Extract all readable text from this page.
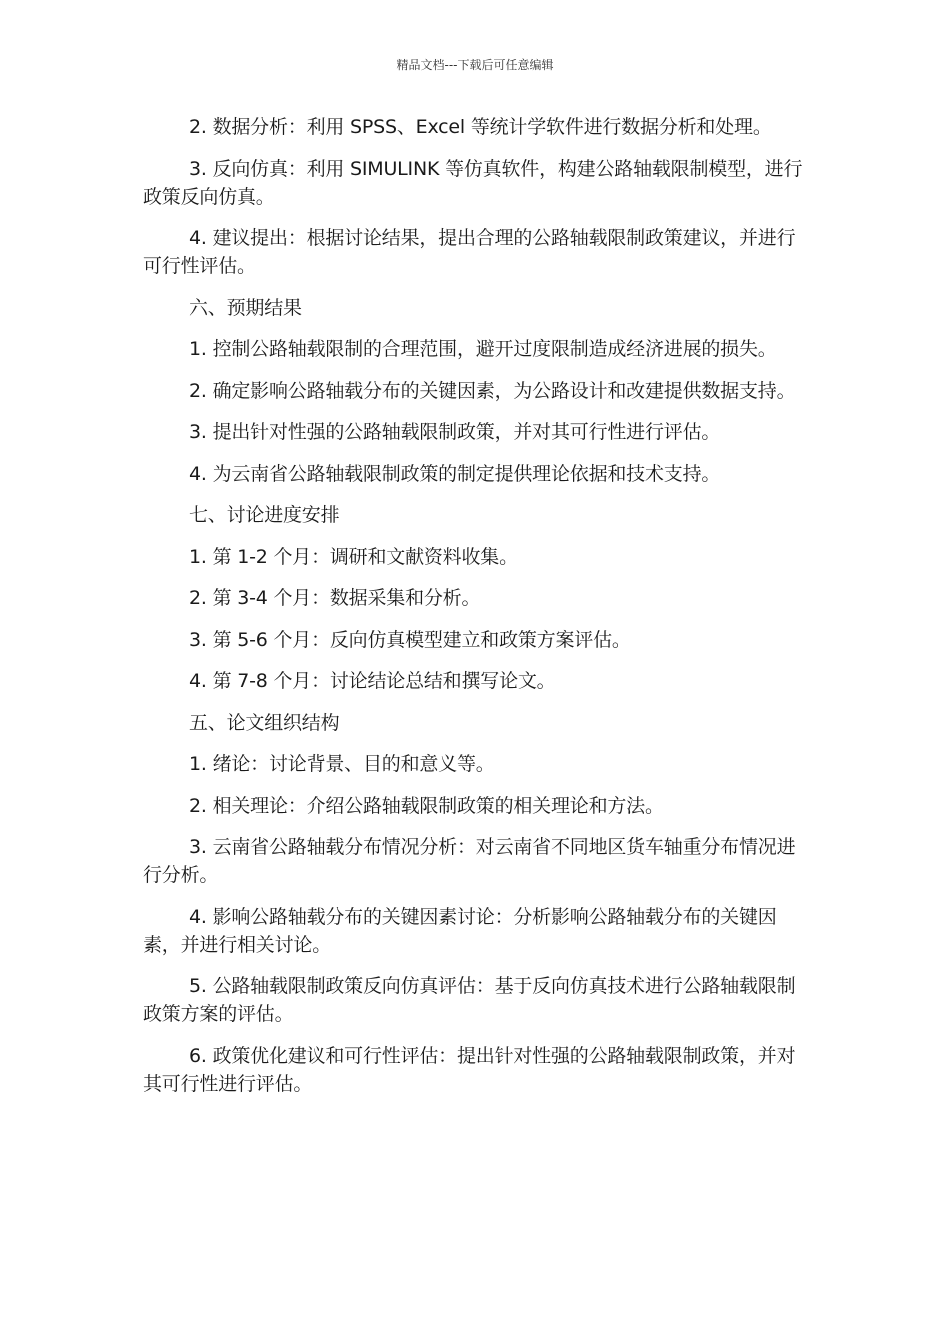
精品文档---下载后可任意编辑

2. 数据分析：利用 SPSS、Excel 等统计学软件进行数据分析和处理。

3. 反向仿真：利用 SIMULINK 等仿真软件，构建公路轴载限制模型，进行政策反向仿真。

4. 建议提出：根据讨论结果，提出合理的公路轴载限制政策建议，并进行可行性评估。

六、预期结果

1. 控制公路轴载限制的合理范围，避开过度限制造成经济进展的损失。

2. 确定影响公路轴载分布的关键因素，为公路设计和改建提供数据支持。

3. 提出针对性强的公路轴载限制政策，并对其可行性进行评估。

4. 为云南省公路轴载限制政策的制定提供理论依据和技术支持。

七、讨论进度安排

1. 第 1-2 个月：调研和文献资料收集。

2. 第 3-4 个月：数据采集和分析。

3. 第 5-6 个月：反向仿真模型建立和政策方案评估。

4. 第 7-8 个月：讨论结论总结和撰写论文。

五、论文组织结构

1. 绪论：讨论背景、目的和意义等。

2. 相关理论：介绍公路轴载限制政策的相关理论和方法。

3. 云南省公路轴载分布情况分析：对云南省不同地区货车轴重分布情况进行分析。

4. 影响公路轴载分布的关键因素讨论：分析影响公路轴载分布的关键因素，并进行相关讨论。

5. 公路轴载限制政策反向仿真评估：基于反向仿真技术进行公路轴载限制政策方案的评估。

6. 政策优化建议和可行性评估：提出针对性强的公路轴载限制政策，并对其可行性进行评估。
